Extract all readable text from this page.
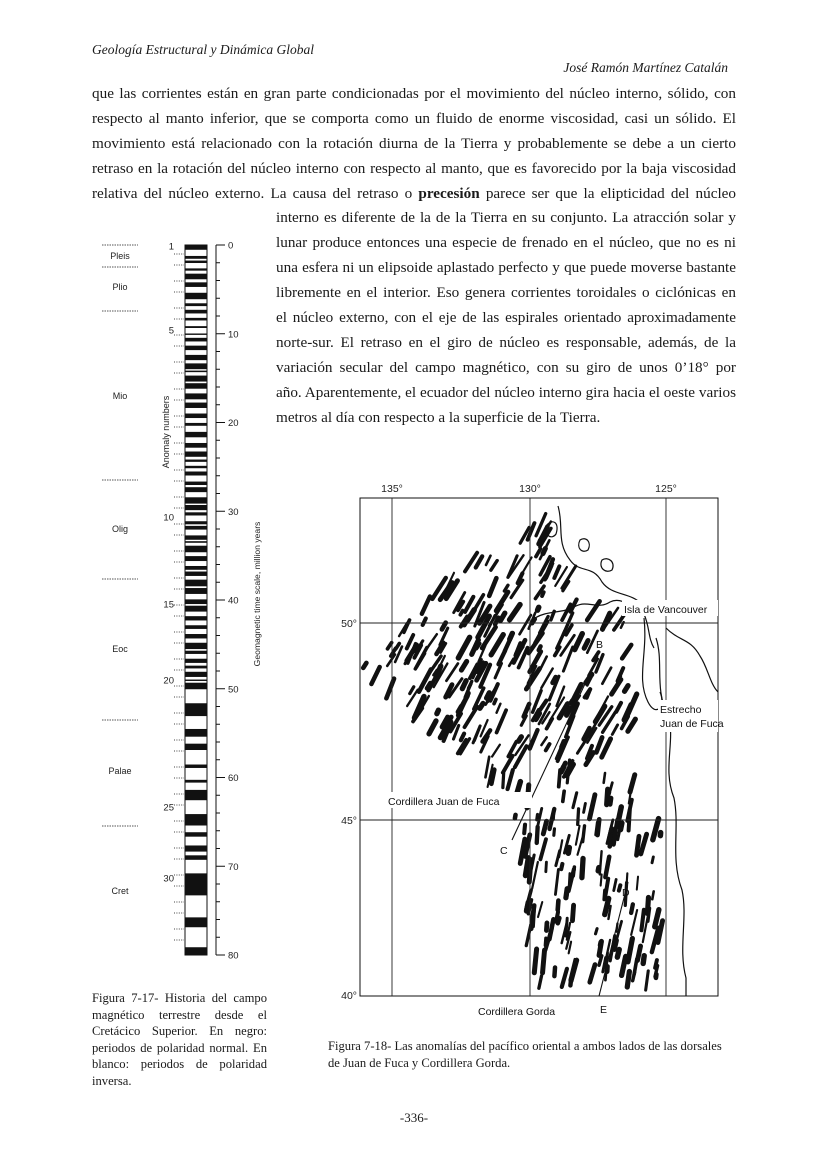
Geología Estructural y Dinámica Global
José Ramón Martínez Catalán
que las corrientes están en gran parte condicionadas por el movimiento del núcleo interno, sólido, con
respecto al manto inferior, que se comporta como un fluido de enorme viscosidad, casi un sólido. El
movimiento está relacionado con la rotación diurna de la Tierra y probablemente se debe a un cierto
retraso en la rotación del núcleo interno con respecto al manto, que es favorecido por la baja viscosidad
relativa del núcleo externo. La causa del retraso o precesión parece ser que la elipticidad del núcleo
interno es diferente de la de la Tierra en su conjunto. La atracción solar y
lunar produce entonces una especie de frenado en el núcleo, que no es ni
una esfera ni un elipsoide aplastado perfecto y que puede moverse bastante
libremente en el interior. Eso genera corrientes toroidales o ciclónicas en
el núcleo externo, con el eje de las espirales orientado aproximadamente
norte-sur. El retraso en el giro de núcleo es responsable, además, de la
variación secular del campo magnético, con su giro de unos 0’18° por
año. Aparentemente, el ecuador del núcleo interno gira hacia el oeste varios
metros al día con respecto a la superficie de la Tierra.
Pleis
Plio
Mio
Olig
Eoc
Palae
Cret
Anomaly numbers
1
5
10
15
20
25
30
0
10
20
30
40
50
60
70
80
Geomagnetic time scale, million years
135°	130°	125°
50°
45°
40°
Isla de Vancouver
Estrecho
Juan de Fuca
Cordillera Juan de Fuca
Cordillera Gorda
B
C
D
E

Figura 7-17- Historia del campo magnético terrestre desde el Cretácico Superior. En negro: periodos de polaridad normal. En blanco: periodos de polaridad inversa.

Figura 7-18- Las anomalías del pacífico oriental a ambos lados de las dorsales de Juan de Fuca y Cordillera Gorda.

-336-
